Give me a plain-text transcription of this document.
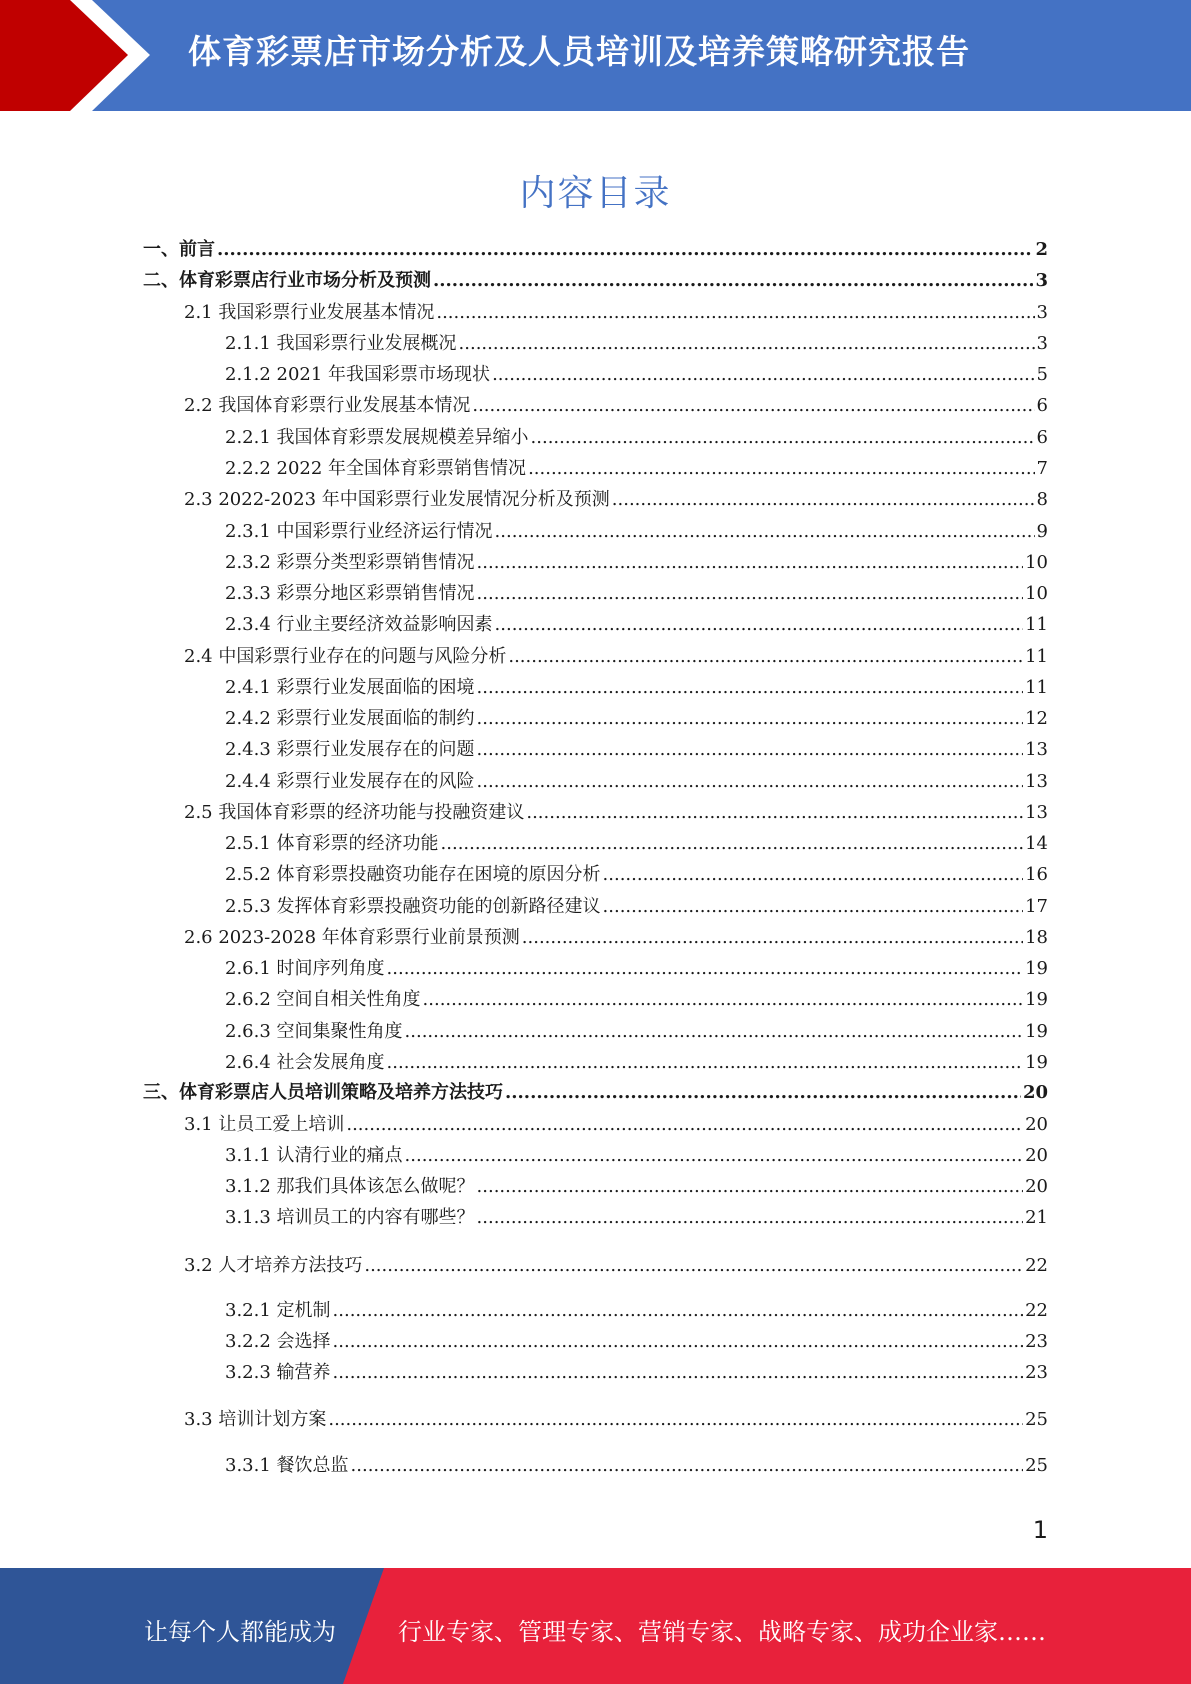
体育彩票店市场分析及人员培训及培养策略研究报告
内容目录
一、前言 .....	2
二、体育彩票店行业市场分析及预测 .....	3
2.1 我国彩票行业发展基本情况 .....	3
2.1.1 我国彩票行业发展概况 .....	3
2.1.2 2021 年我国彩票市场现状 .....	5
2.2 我国体育彩票行业发展基本情况 .....	6
2.2.1 我国体育彩票发展规模差异缩小 .....	6
2.2.2 2022 年全国体育彩票销售情况 .....	7
2.3 2022-2023 年中国彩票行业发展情况分析及预测 .....	8
2.3.1 中国彩票行业经济运行情况 .....	9
2.3.2 彩票分类型彩票销售情况 .....	10
2.3.3 彩票分地区彩票销售情况 .....	10
2.3.4 行业主要经济效益影响因素 .....	11
2.4 中国彩票行业存在的问题与风险分析 .....	11
2.4.1 彩票行业发展面临的困境 .....	11
2.4.2 彩票行业发展面临的制约 .....	12
2.4.3 彩票行业发展存在的问题 .....	13
2.4.4 彩票行业发展存在的风险 .....	13
2.5 我国体育彩票的经济功能与投融资建议 .....	13
2.5.1 体育彩票的经济功能 .....	14
2.5.2 体育彩票投融资功能存在困境的原因分析 .....	16
2.5.3 发挥体育彩票投融资功能的创新路径建议 .....	17
2.6 2023-2028 年体育彩票行业前景预测 .....	18
2.6.1 时间序列角度 .....	19
2.6.2 空间自相关性角度 .....	19
2.6.3 空间集聚性角度 .....	19
2.6.4 社会发展角度 .....	19
三、体育彩票店人员培训策略及培养方法技巧 .....	20
3.1 让员工爱上培训 .....	20
3.1.1 认清行业的痛点 .....	20
3.1.2 那我们具体该怎么做呢？ .....	20
3.1.3 培训员工的内容有哪些？ .....	21
3.2 人才培养方法技巧 .....	22
3.2.1 定机制 .....	22
3.2.2 会选择 .....	23
3.2.3 输营养 .....	23
3.3 培训计划方案 .....	25
3.3.1 餐饮总监 .....	25
1
让每个人都能成为	行业专家、管理专家、营销专家、战略专家、成功企业家……
